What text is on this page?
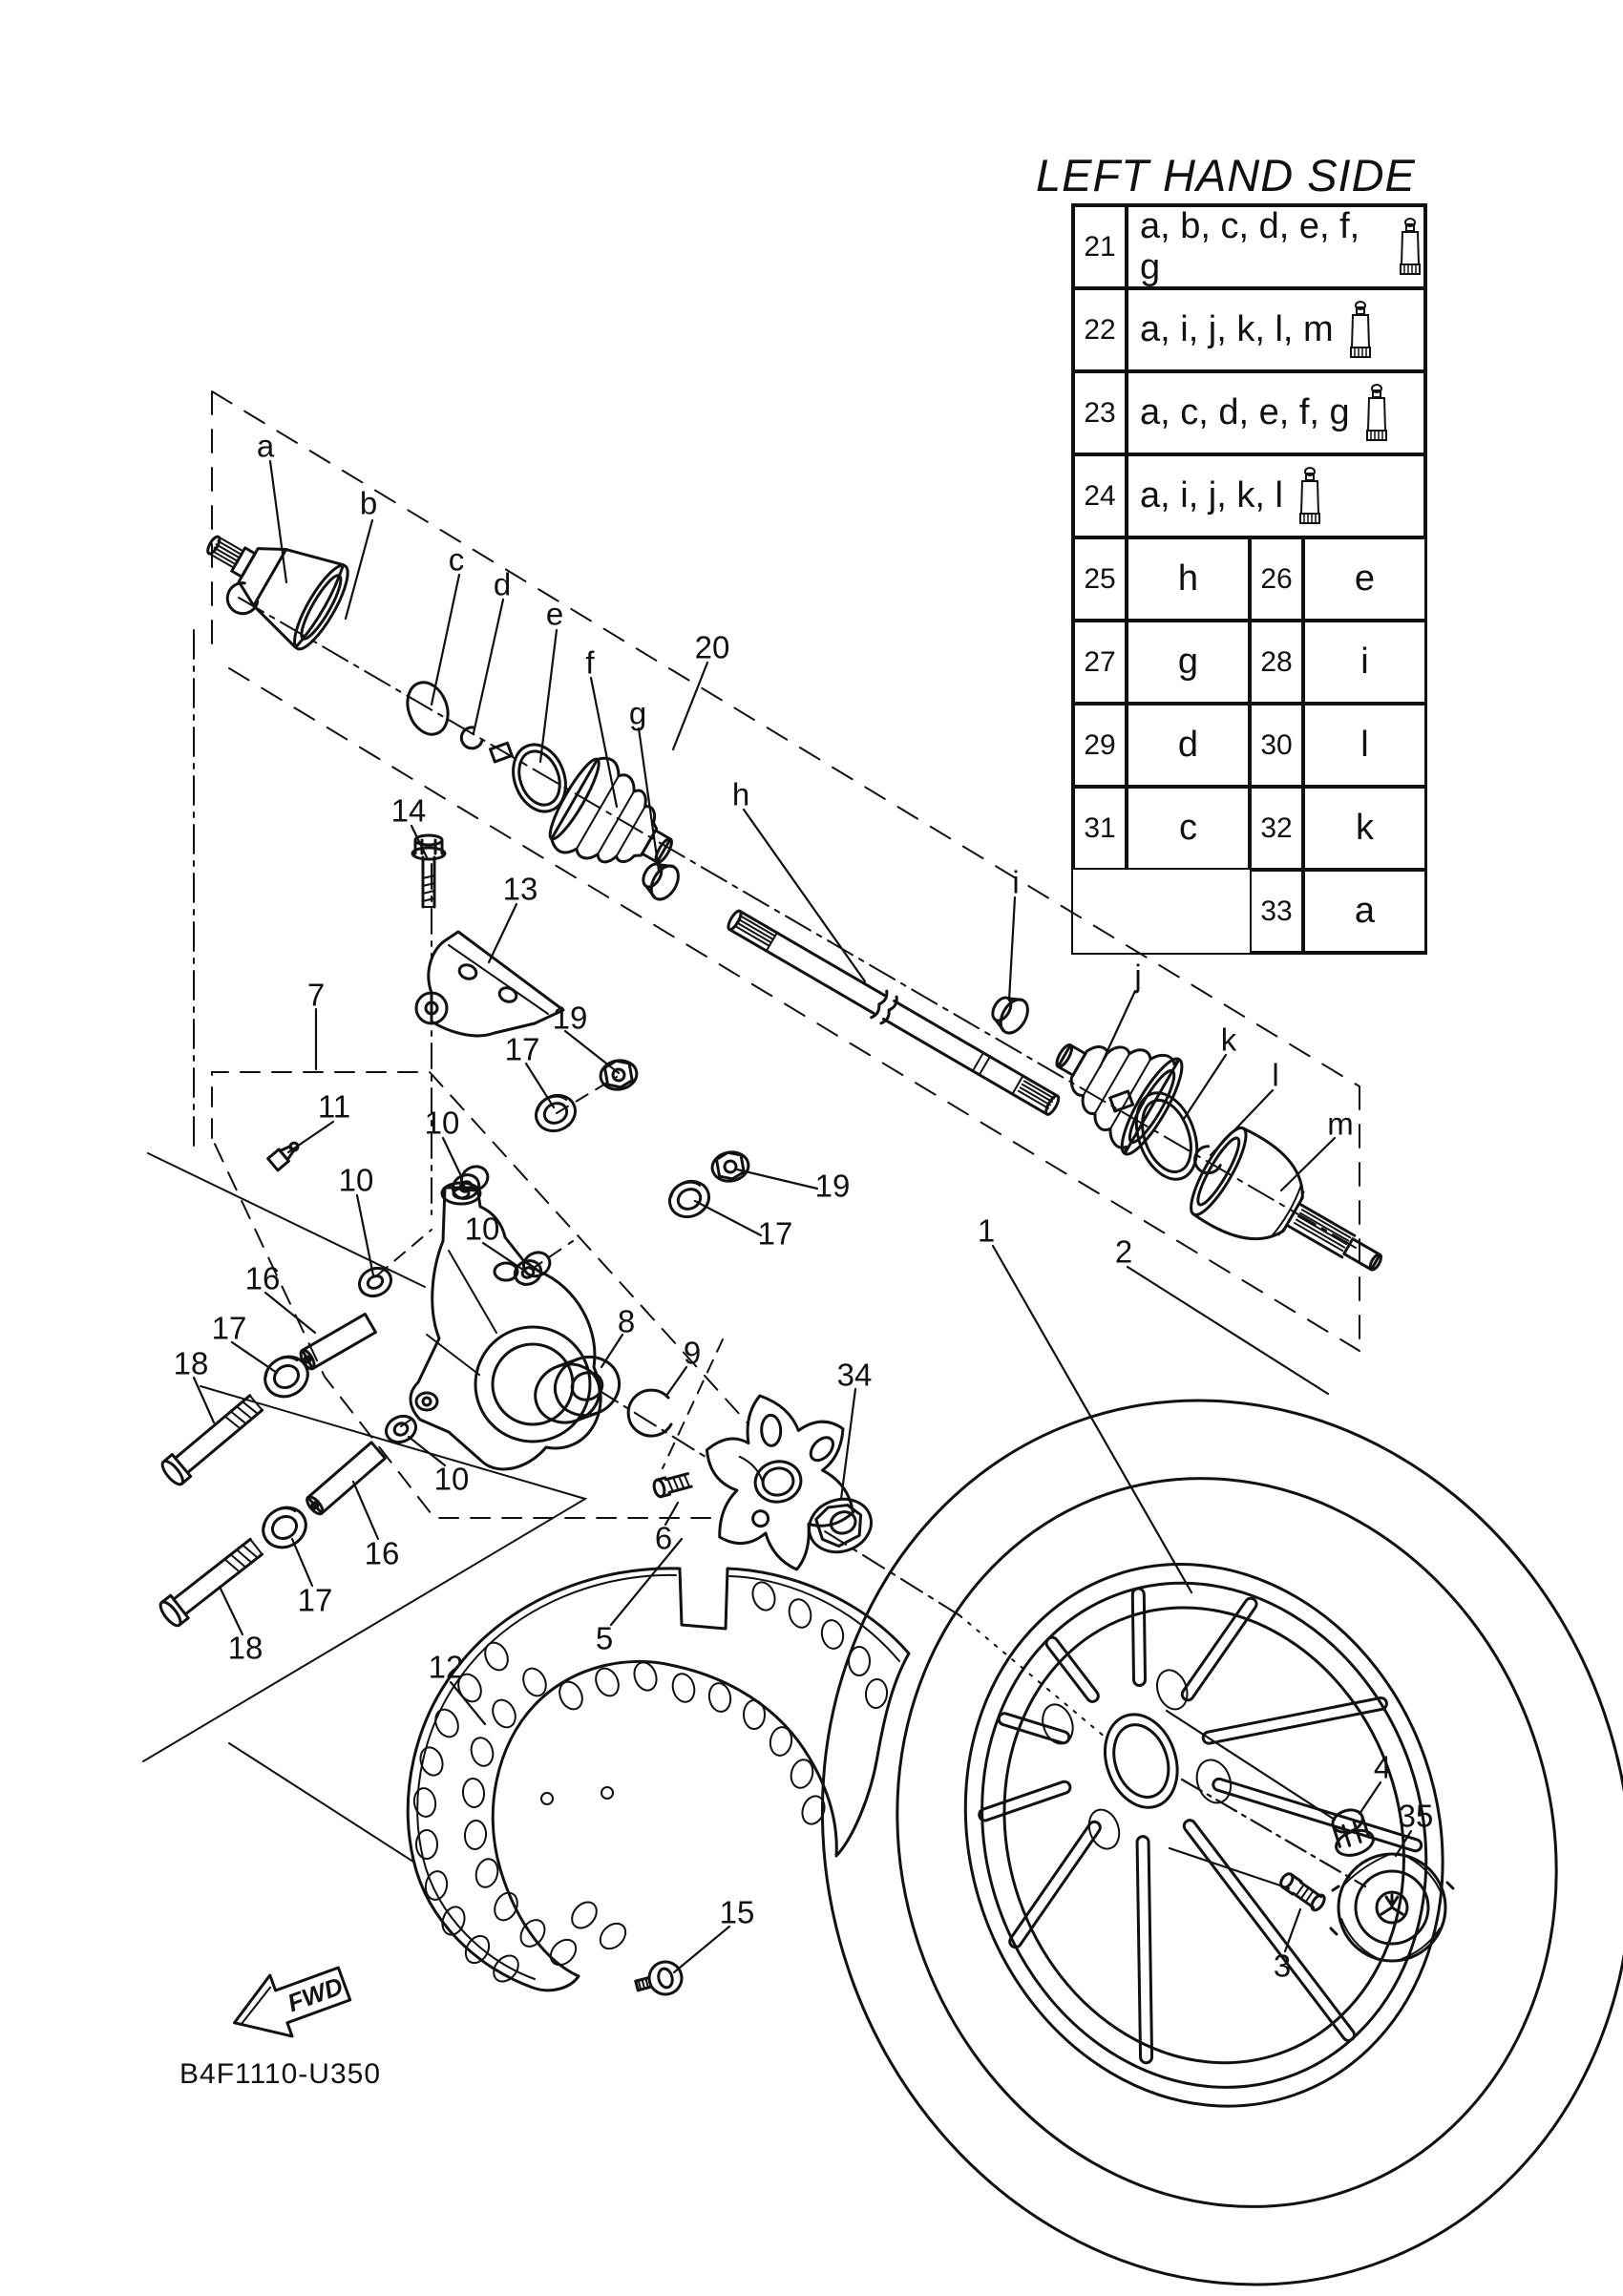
FWD
LEFT HAND SIDE
21
a, b, c, d, e, f, g
22 a, i, j, k, l, m
23 a, c, d, e, f, g
24 a, i, j, k, l
25	h	26	e
27	g	28	i
29	d	30	l
31	c	32	k
33	a
B4F1110-U350
a
b
c
d
e
f
g
20
h
i
j
k
l
m
14
13
7
19
17
11 10
10
10
19
17
16
17
18
8
9
10
16
17
18
6
5
34
12
15
1
2
4
35
3
